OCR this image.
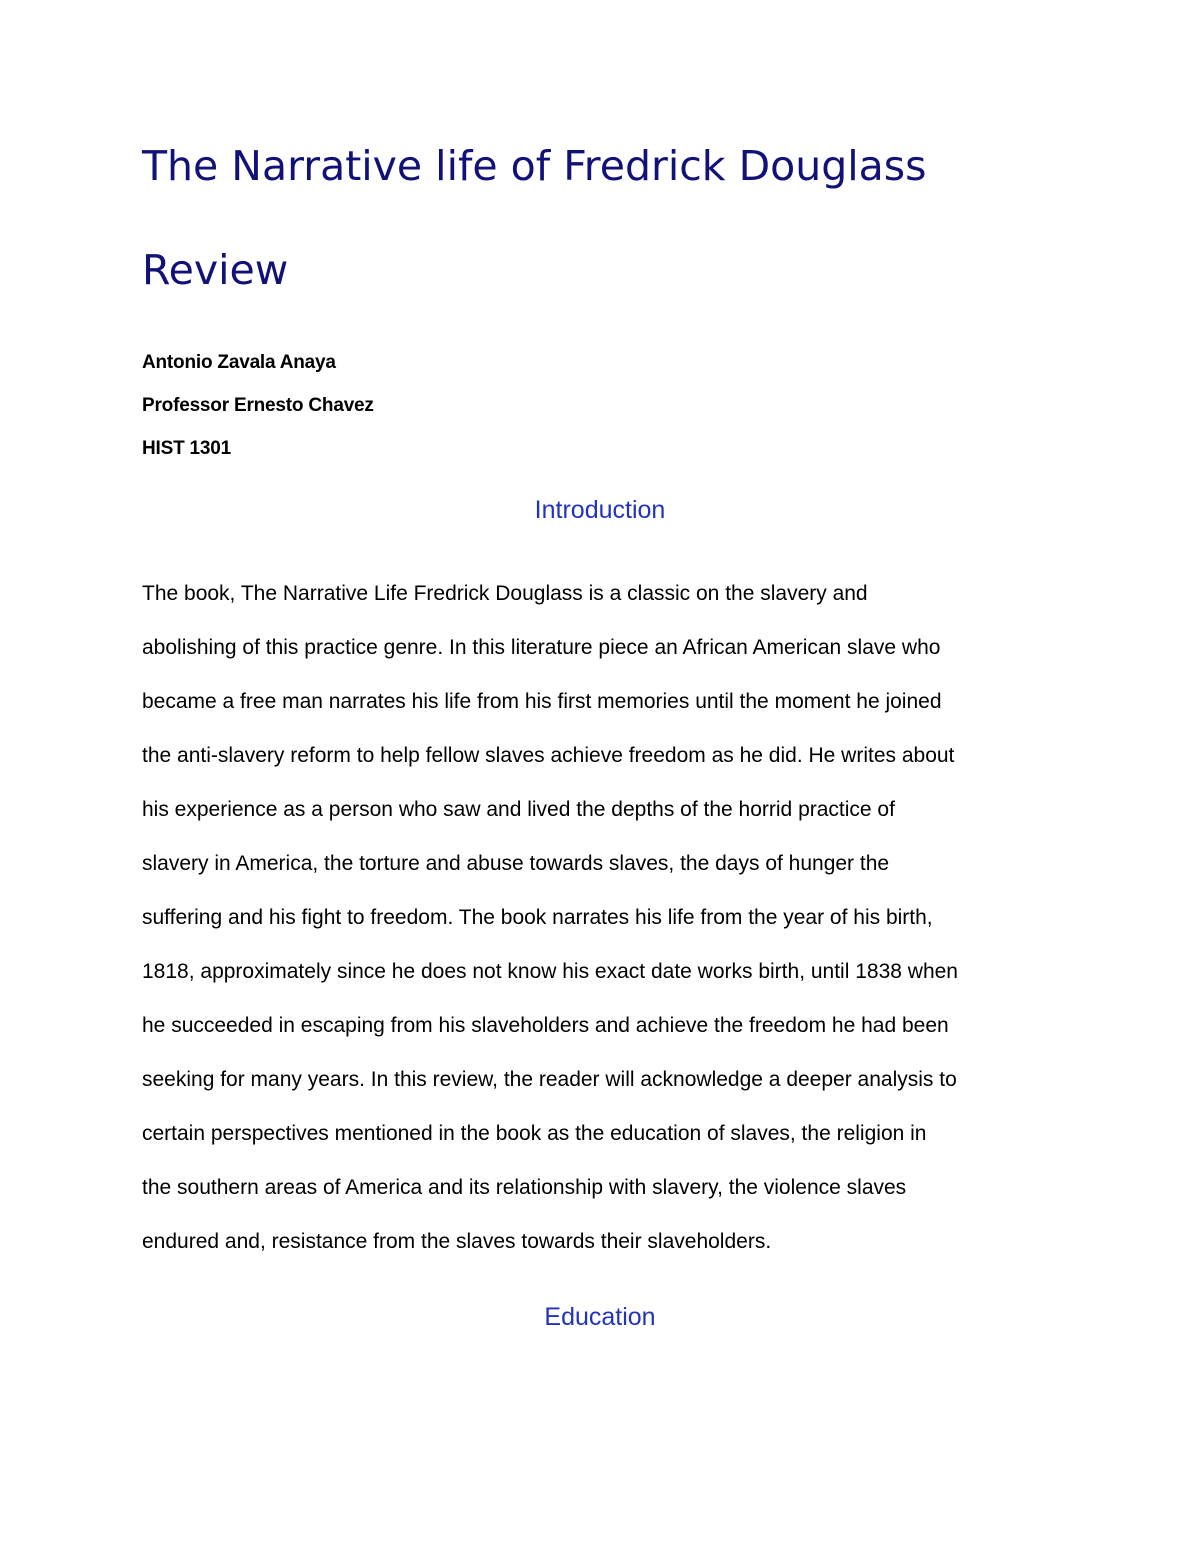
The Narrative life of Fredrick Douglass
Review

Antonio Zavala Anaya

Professor Ernesto Chavez

HIST 1301

Introduction
The book, The Narrative Life Fredrick Douglass is a classic on the slavery and
abolishing of this practice genre. In this literature piece an African American slave who
became a free man narrates his life from his first memories until the moment he joined
the anti-slavery reform to help fellow slaves achieve freedom as he did. He writes about
his experience as a person who saw and lived the depths of the horrid practice of
slavery in America, the torture and abuse towards slaves, the days of hunger the
suffering and his fight to freedom. The book narrates his life from the year of his birth,
1818, approximately since he does not know his exact date works birth, until 1838 when
he succeeded in escaping from his slaveholders and achieve the freedom he had been
seeking for many years. In this review, the reader will acknowledge a deeper analysis to
certain perspectives mentioned in the book as the education of slaves, the religion in
the southern areas of America and its relationship with slavery, the violence slaves
endured and, resistance from the slaves towards their slaveholders.
Education
